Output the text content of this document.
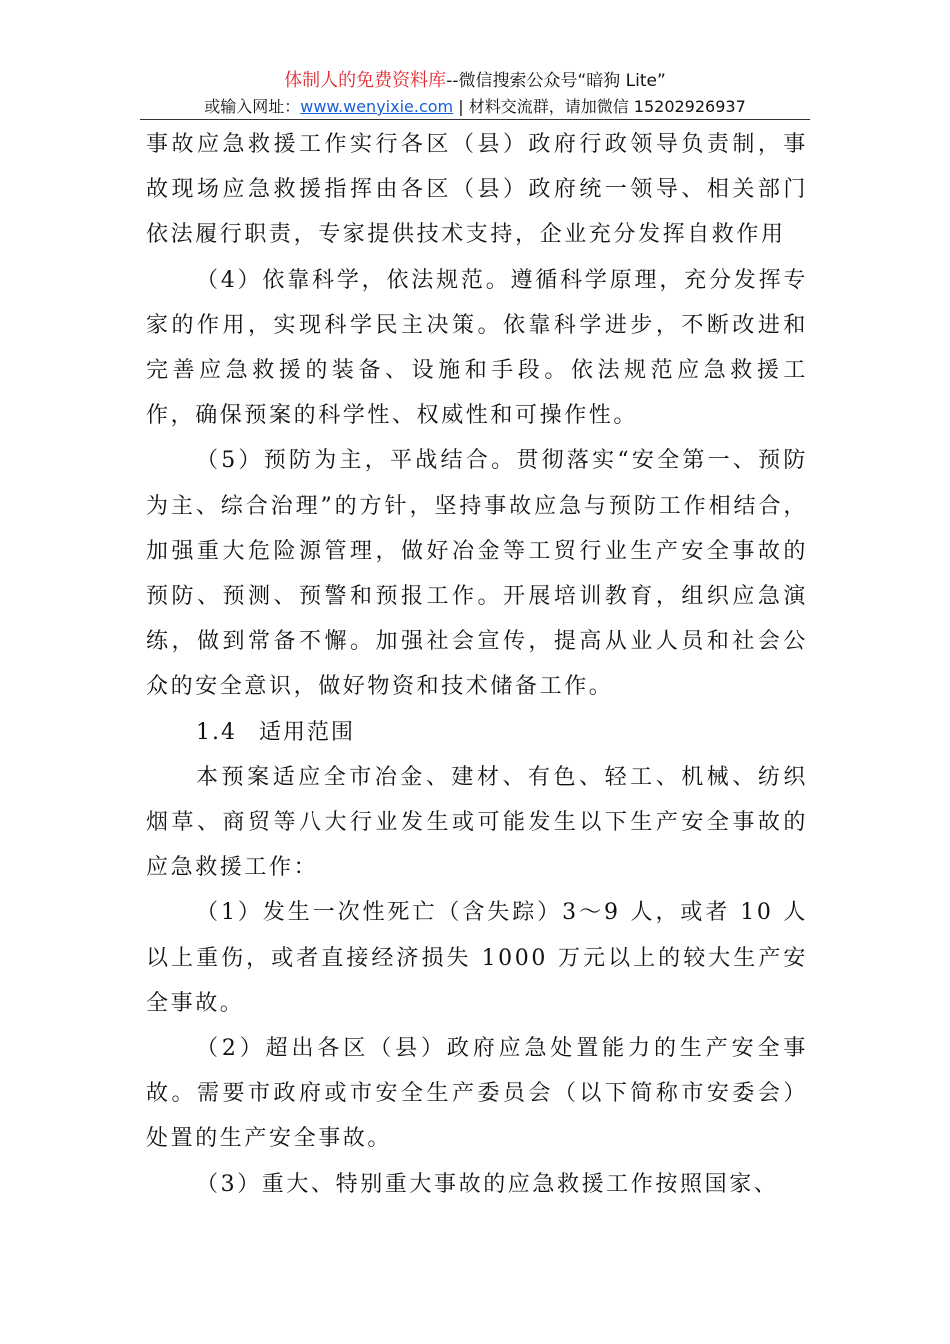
体制人的免费资料库--微信搜索公众号“暗狗 Lite”
或输入网址：www.wenyixie.com | 材料交流群，请加微信 15202926937

事故应急救援工作实行各区（县）政府行政领导负责制，事故现场应急救援指挥由各区（县）政府统一领导、相关部门依法履行职责，专家提供技术支持，企业充分发挥自救作用

（4）依靠科学，依法规范。遵循科学原理，充分发挥专家的作用，实现科学民主决策。依靠科学进步，不断改进和完善应急救援的装备、设施和手段。依法规范应急救援工作，确保预案的科学性、权威性和可操作性。

（5）预防为主，平战结合。贯彻落实“安全第一、预防为主、综合治理”的方针，坚持事故应急与预防工作相结合，加强重大危险源管理，做好冶金等工贸行业生产安全事故的预防、预测、预警和预报工作。开展培训教育，组织应急演练，做到常备不懈。加强社会宣传，提高从业人员和社会公众的安全意识，做好物资和技术储备工作。

1.4 适用范围

本预案适应全市冶金、建材、有色、轻工、机械、纺织烟草、商贸等八大行业发生或可能发生以下生产安全事故的应急救援工作：

（1）发生一次性死亡（含失踪）3～9 人，或者 10 人以上重伤，或者直接经济损失 1000 万元以上的较大生产安全事故。

（2）超出各区（县）政府应急处置能力的生产安全事故。需要市政府或市安全生产委员会（以下简称市安委会）处置的生产安全事故。

（3）重大、特别重大事故的应急救援工作按照国家、
